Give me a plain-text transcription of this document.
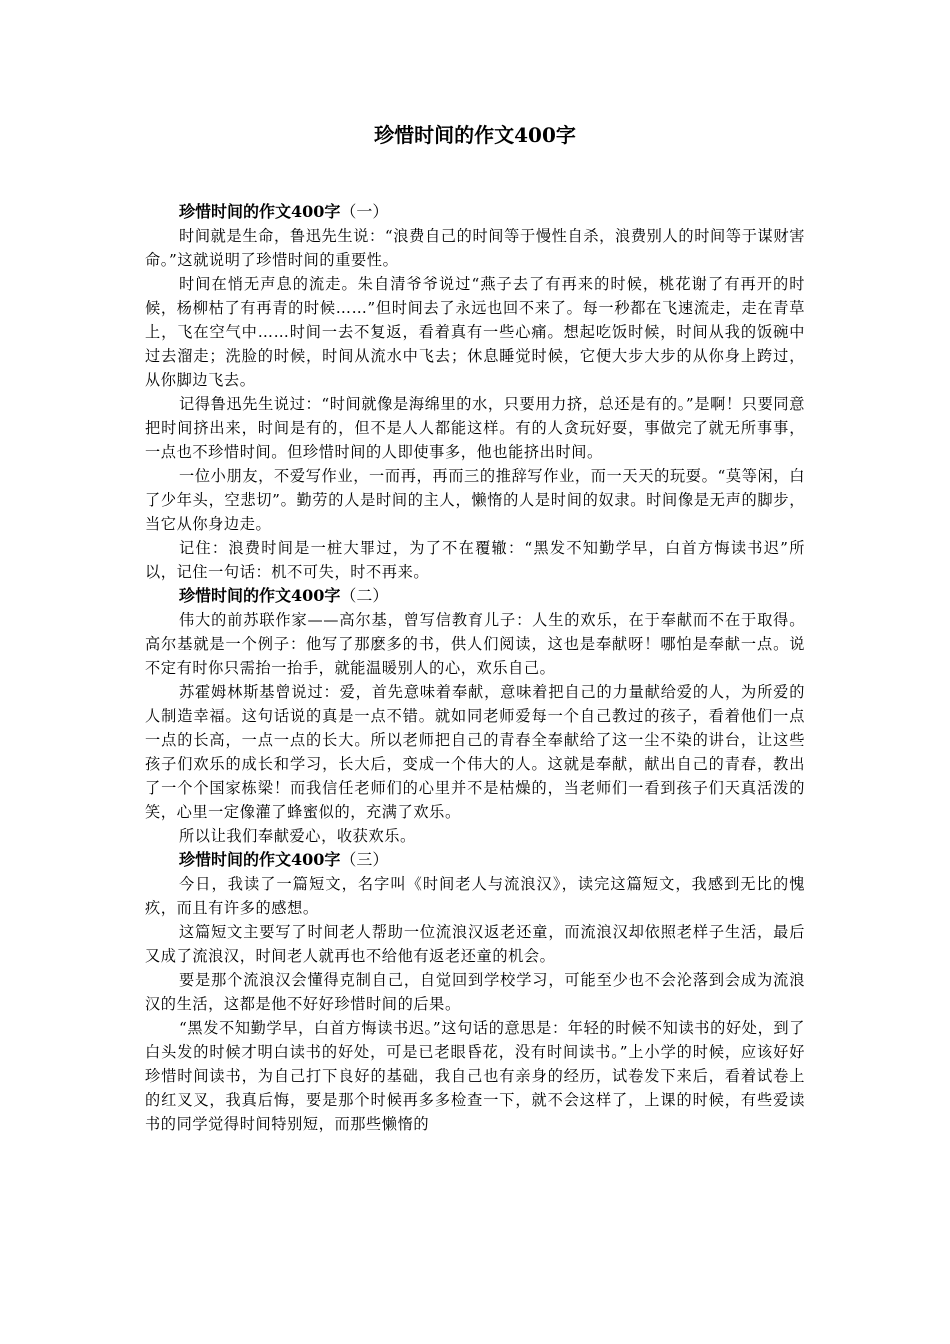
珍惜时间的作文400字

珍惜时间的作文400字（一）

时间就是生命，鲁迅先生说：“浪费自己的时间等于慢性自杀，浪费别人的时间等于谋财害命。”这就说明了珍惜时间的重要性。

时间在悄无声息的流走。朱自清爷爷说过“燕子去了有再来的时候，桃花谢了有再开的时候，杨柳枯了有再青的时候……”但时间去了永远也回不来了。每一秒都在飞速流走，走在青草上，飞在空气中……时间一去不复返，看着真有一些心痛。想起吃饭时候，时间从我的饭碗中过去溜走；洗脸的时候，时间从流水中飞去；休息睡觉时候，它便大步大步的从你身上跨过，从你脚边飞去。

记得鲁迅先生说过：“时间就像是海绵里的水，只要用力挤，总还是有的。”是啊！只要同意把时间挤出来，时间是有的，但不是人人都能这样。有的人贪玩好耍，事做完了就无所事事，一点也不珍惜时间。但珍惜时间的人即使事多，他也能挤出时间。

一位小朋友，不爱写作业，一而再，再而三的推辞写作业，而一天天的玩耍。“莫等闲，白了少年头，空悲切”。勤劳的人是时间的主人，懒惰的人是时间的奴隶。时间像是无声的脚步，当它从你身边走。

记住：浪费时间是一桩大罪过，为了不在覆辙：“黑发不知勤学早，白首方悔读书迟”所以，记住一句话：机不可失，时不再来。

珍惜时间的作文400字（二）

伟大的前苏联作家——高尔基，曾写信教育儿子：人生的欢乐，在于奉献而不在于取得。高尔基就是一个例子：他写了那麽多的书，供人们阅读，这也是奉献呀！哪怕是奉献一点。说不定有时你只需抬一抬手，就能温暖别人的心，欢乐自己。

苏霍姆林斯基曾说过：爱，首先意味着奉献，意味着把自己的力量献给爱的人，为所爱的人制造幸福。这句话说的真是一点不错。就如同老师爱每一个自己教过的孩子，看着他们一点一点的长高，一点一点的长大。所以老师把自己的青春全奉献给了这一尘不染的讲台，让这些孩子们欢乐的成长和学习，长大后，变成一个伟大的人。这就是奉献，献出自己的青春，教出了一个个国家栋梁！而我信任老师们的心里并不是枯燥的，当老师们一看到孩子们天真活泼的笑，心里一定像灌了蜂蜜似的，充满了欢乐。

所以让我们奉献爱心，收获欢乐。

珍惜时间的作文400字（三）

今日，我读了一篇短文，名字叫《时间老人与流浪汉》，读完这篇短文，我感到无比的愧疚，而且有许多的感想。

这篇短文主要写了时间老人帮助一位流浪汉返老还童，而流浪汉却依照老样子生活，最后又成了流浪汉，时间老人就再也不给他有返老还童的机会。

要是那个流浪汉会懂得克制自己，自觉回到学校学习，可能至少也不会沦落到会成为流浪汉的生活，这都是他不好好珍惜时间的后果。

“黑发不知勤学早，白首方悔读书迟。”这句话的意思是：年轻的时候不知读书的好处，到了白头发的时候才明白读书的好处，可是已老眼昏花，没有时间读书。”上小学的时候，应该好好珍惜时间读书，为自己打下良好的基础，我自己也有亲身的经历，试卷发下来后，看着试卷上的红叉叉，我真后悔，要是那个时候再多多检查一下，就不会这样了，上课的时候，有些爱读书的同学觉得时间特别短，而那些懒惰的
